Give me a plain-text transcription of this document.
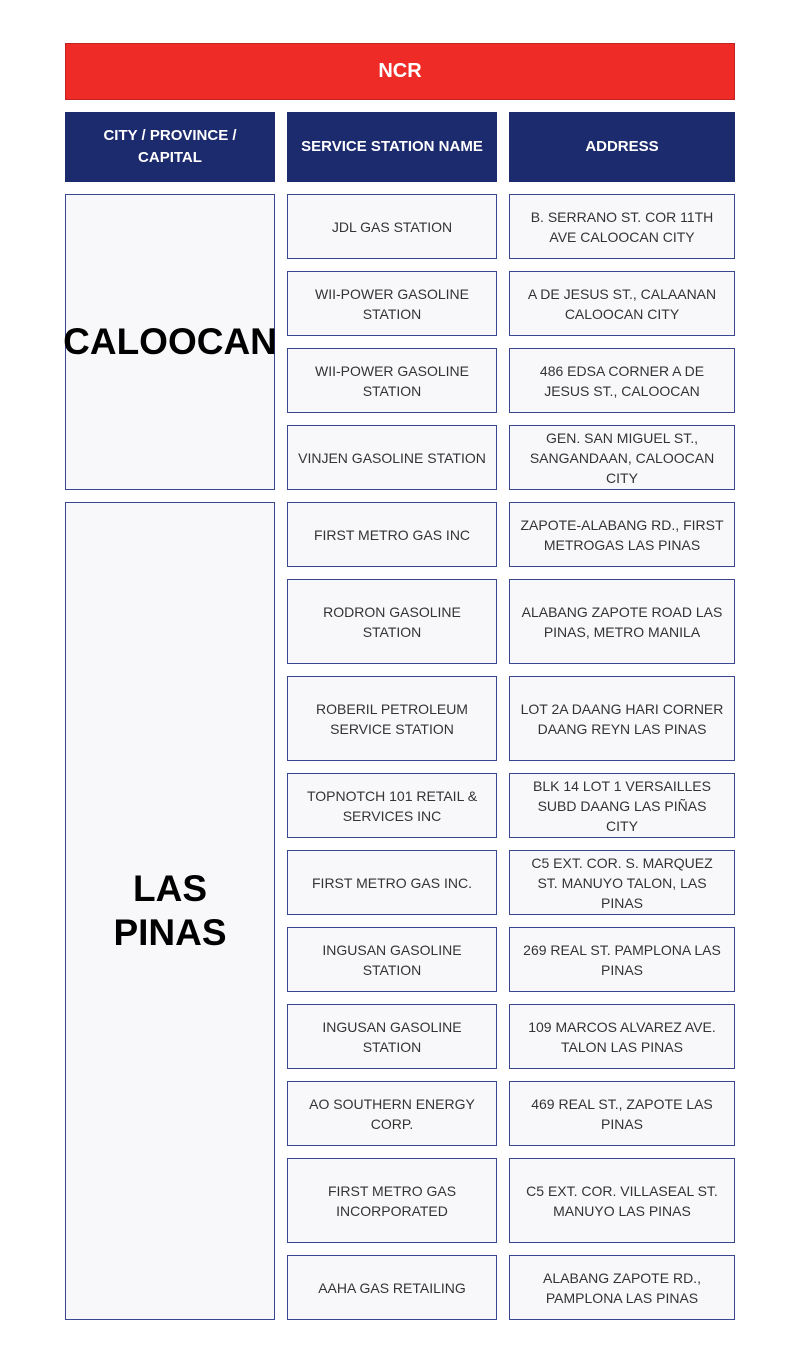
NCR
CITY / PROVINCE / CAPITAL
SERVICE STATION NAME	ADDRESS
CALOOCAN
JDL GAS STATION
B. SERRANO ST. COR 11TH AVE CALOOCAN CITY
WII-POWER GASOLINE STATION
A DE JESUS ST., CALAANAN CALOOCAN CITY
WII-POWER GASOLINE STATION
486 EDSA CORNER A DE JESUS ST., CALOOCAN
VINJEN GASOLINE STATION
GEN. SAN MIGUEL ST., SANGANDAAN, CALOOCAN CITY
LAS PINAS
FIRST METRO GAS INC
ZAPOTE-ALABANG RD., FIRST METROGAS LAS PINAS
RODRON GASOLINE STATION
ALABANG ZAPOTE ROAD LAS PINAS, METRO MANILA
ROBERIL PETROLEUM SERVICE STATION
LOT 2A DAANG HARI CORNER DAANG REYN LAS PINAS
TOPNOTCH 101 RETAIL & SERVICES INC
BLK 14 LOT 1 VERSAILLES SUBD DAANG LAS PIÑAS CITY
FIRST METRO GAS INC.
C5 EXT. COR. S. MARQUEZ ST. MANUYO TALON, LAS PINAS
INGUSAN GASOLINE STATION
269 REAL ST. PAMPLONA LAS PINAS
INGUSAN GASOLINE STATION
109 MARCOS ALVAREZ AVE. TALON LAS PINAS
AO SOUTHERN ENERGY CORP.
469 REAL ST., ZAPOTE LAS PINAS
FIRST METRO GAS INCORPORATED
C5 EXT. COR. VILLASEAL ST. MANUYO LAS PINAS
AAHA GAS RETAILING
ALABANG ZAPOTE RD., PAMPLONA LAS PINAS
